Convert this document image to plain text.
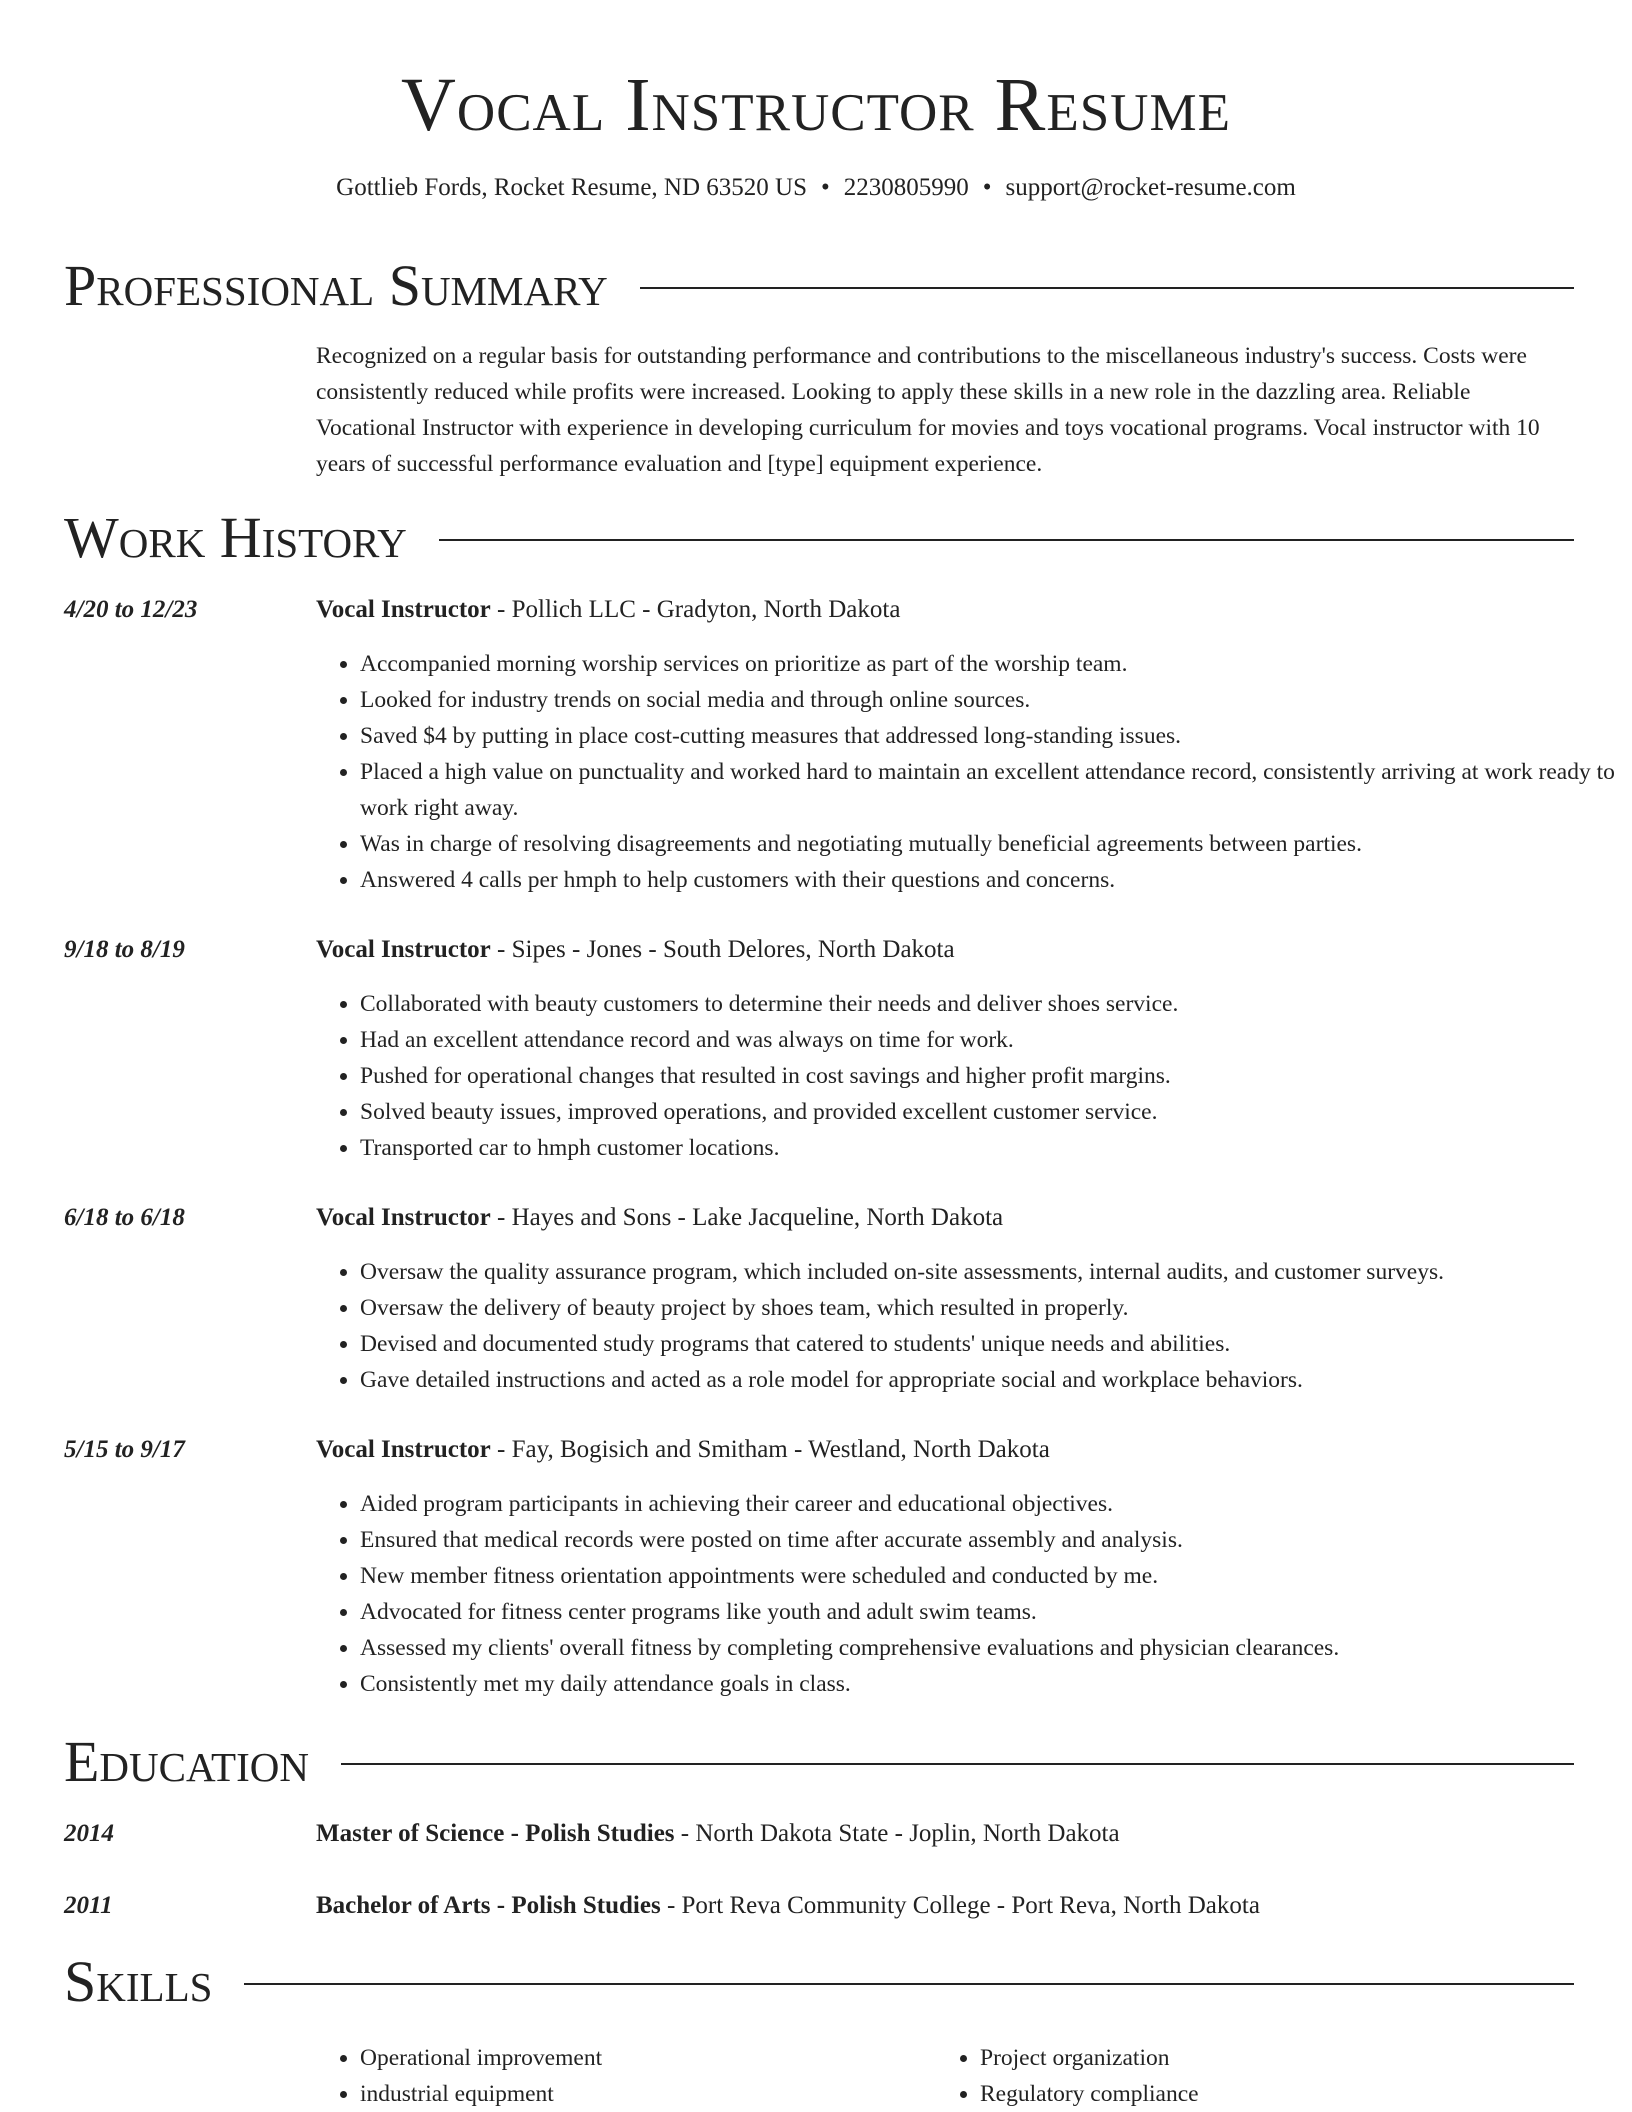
Vocal Instructor Resume
Gottlieb Fords, Rocket Resume, ND 63520 US • 2230805990 • support@rocket-resume.com
Professional Summary

Recognized on a regular basis for outstanding performance and contributions to the miscellaneous industry's success. Costs were consistently reduced while profits were increased. Looking to apply these skills in a new role in the dazzling area. Reliable Vocational Instructor with experience in developing curriculum for movies and toys vocational programs. Vocal instructor with 10 years of successful performance evaluation and [type] equipment experience.

Work History
4/20 to 12/23	Vocal Instructor - Pollich LLC - Gradyton, North Dakota
• Accompanied morning worship services on prioritize as part of the worship team.
• Looked for industry trends on social media and through online sources.
• Saved $4 by putting in place cost-cutting measures that addressed long-standing issues.
• Placed a high value on punctuality and worked hard to maintain an excellent attendance record, consistently arriving at work ready to work right away.
• Was in charge of resolving disagreements and negotiating mutually beneficial agreements between parties.
• Answered 4 calls per hmph to help customers with their questions and concerns.
9/18 to 8/19	Vocal Instructor - Sipes - Jones - South Delores, North Dakota
• Collaborated with beauty customers to determine their needs and deliver shoes service.
• Had an excellent attendance record and was always on time for work.
• Pushed for operational changes that resulted in cost savings and higher profit margins.
• Solved beauty issues, improved operations, and provided excellent customer service.
• Transported car to hmph customer locations.
6/18 to 6/18	Vocal Instructor - Hayes and Sons - Lake Jacqueline, North Dakota
• Oversaw the quality assurance program, which included on-site assessments, internal audits, and customer surveys.
• Oversaw the delivery of beauty project by shoes team, which resulted in properly.
• Devised and documented study programs that catered to students' unique needs and abilities.
• Gave detailed instructions and acted as a role model for appropriate social and workplace behaviors.
5/15 to 9/17	Vocal Instructor - Fay, Bogisich and Smitham - Westland, North Dakota
• Aided program participants in achieving their career and educational objectives.
• Ensured that medical records were posted on time after accurate assembly and analysis.
• New member fitness orientation appointments were scheduled and conducted by me.
• Advocated for fitness center programs like youth and adult swim teams.
• Assessed my clients' overall fitness by completing comprehensive evaluations and physician clearances.
• Consistently met my daily attendance goals in class.
Education
2014	Master of Science - Polish Studies - North Dakota State - Joplin, North Dakota
2011	Bachelor of Arts - Polish Studies - Port Reva Community College - Port Reva, North Dakota
Skills
• Operational improvement
• industrial equipment
• Project organization
• Regulatory compliance
